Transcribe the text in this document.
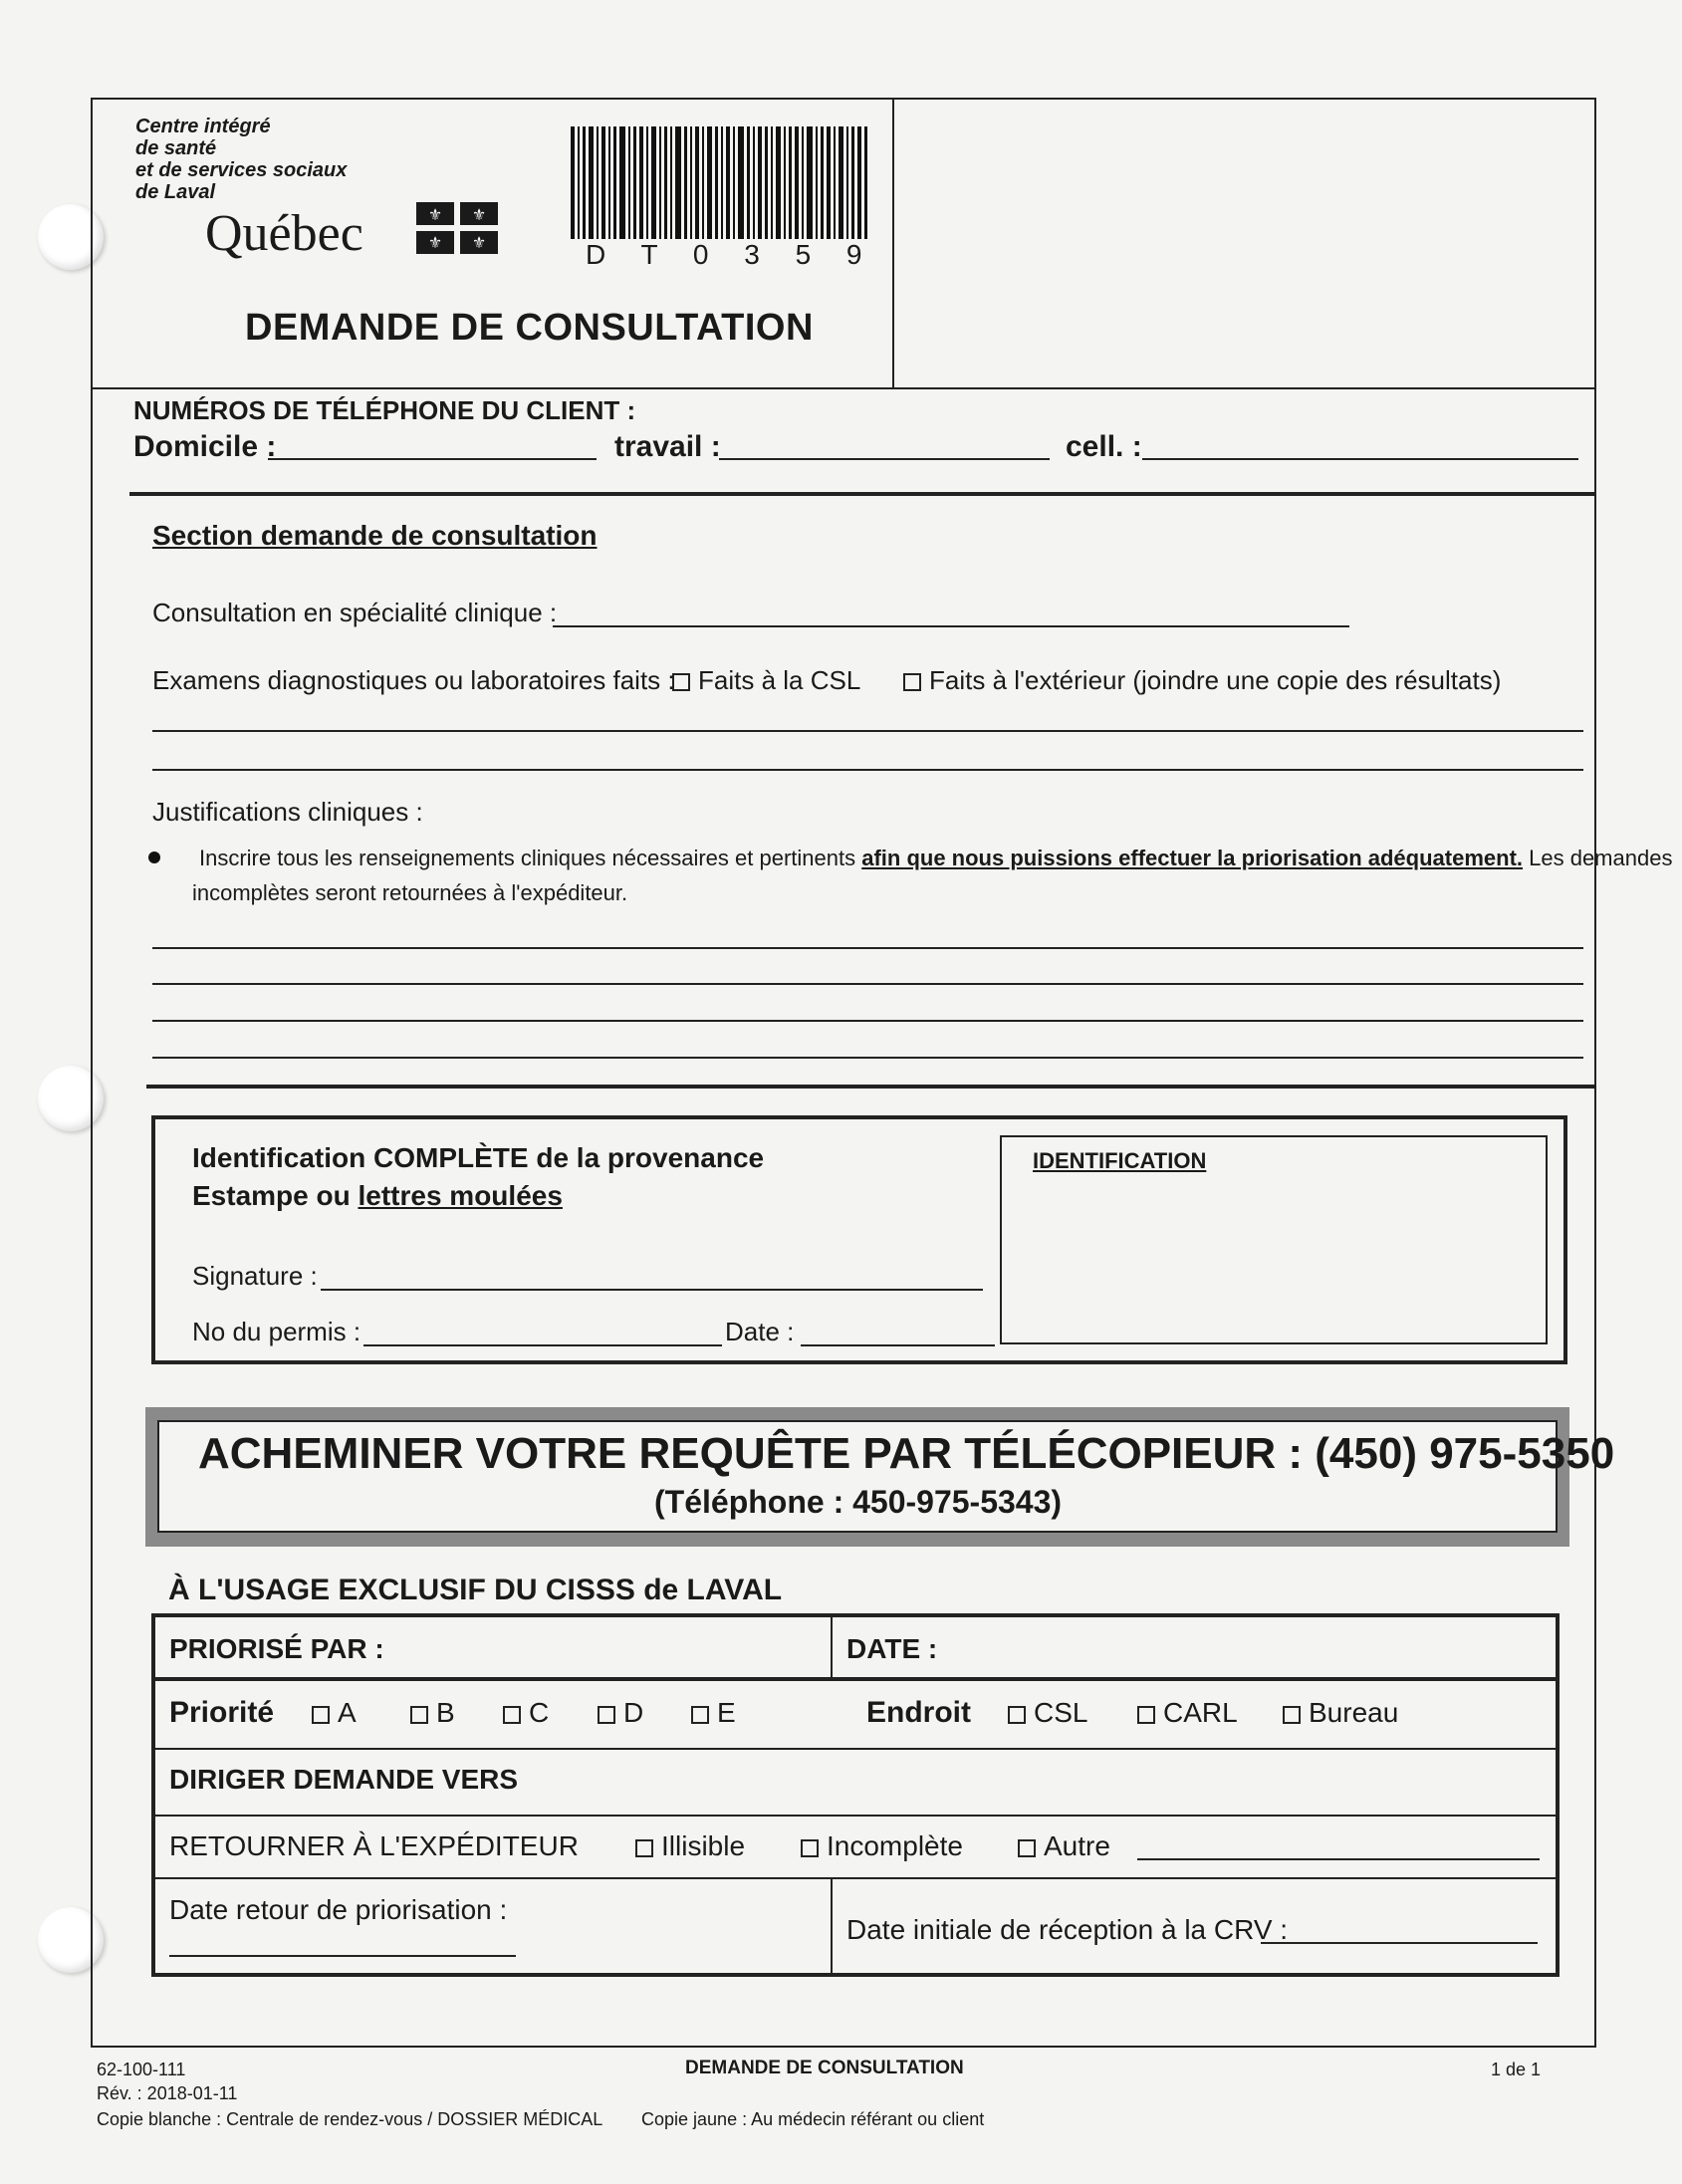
Centre intégré
de santé
et de services sociaux
de Laval
Québec	⚜ ⚜
⚜ ⚜	D T 0 3 5 9
DEMANDE DE CONSULTATION
NUMÉROS DE TÉLÉPHONE DU CLIENT :
Domicile :	travail :	cell. :
Section demande de consultation
Consultation en spécialité clinique :
Examens diagnostiques ou laboratoires faits : Faits à la CSL	Faits à l'extérieur (joindre une copie des résultats)
Justifications cliniques :
Inscrire tous les renseignements cliniques nécessaires et pertinents afin que nous puissions effectuer la priorisation adéquatement. Les demandes
incomplètes seront retournées à l'expéditeur.
Identification COMPLÈTE de la provenance
Estampe ou lettres moulées
Signature :
No du permis :	Date :
IDENTIFICATION
ACHEMINER VOTRE REQUÊTE PAR TÉLÉCOPIEUR : (450) 975-5350
(Téléphone : 450-975-5343)
À L'USAGE EXCLUSIF DU CISSS de LAVAL
PRIORISÉ PAR :	DATE :
Priorité	A	B	C	D	E	Endroit	CSL	CARL	Bureau
DIRIGER DEMANDE VERS
RETOURNER À L'EXPÉDITEUR	Illisible	Incomplète	Autre
Date retour de priorisation :
Date initiale de réception à la CRV :
62-100-111
Rév. : 2018-01-11
Copie blanche : Centrale de rendez-vous / DOSSIER MÉDICAL Copie jaune : Au médecin référant ou client
DEMANDE DE CONSULTATION	1 de 1
